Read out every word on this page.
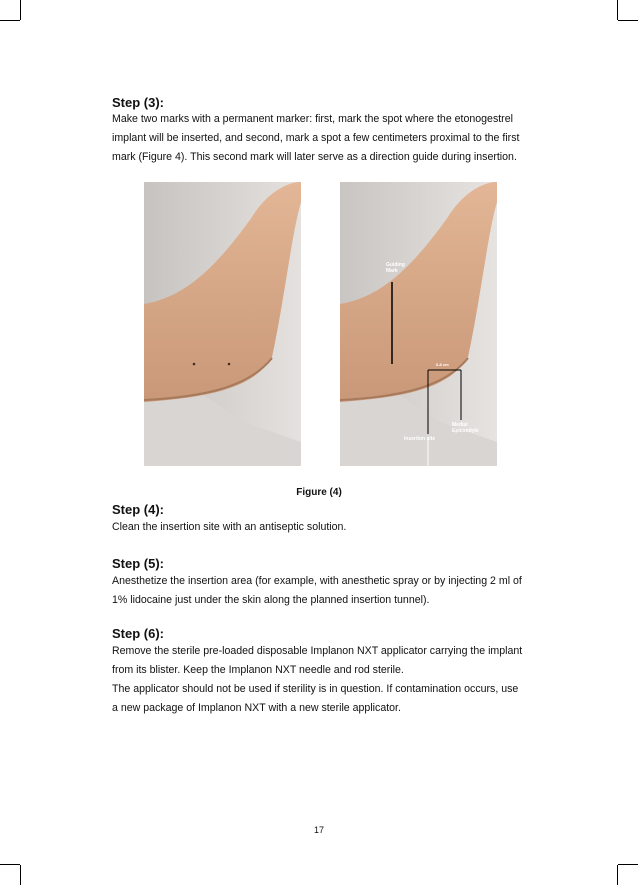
Step (3):
Make two marks with a permanent marker: first, mark the spot where the etonogestrel
implant will be inserted, and second, mark a spot a few centimeters proximal to the first
mark (Figure 4). This second mark will later serve as a direction guide during insertion.
Guiding
Mark
6-8 cm
Insertion site
Medial
Epicondyle
Figure (4)
Step (4):
Clean the insertion site with an antiseptic solution.
Step (5):
Anesthetize the insertion area (for example, with anesthetic spray or by injecting 2 ml of
1% lidocaine just under the skin along the planned insertion tunnel).
Step (6):
Remove the sterile pre-loaded disposable Implanon NXT applicator carrying the implant
from its blister. Keep the Implanon NXT needle and rod sterile.
The applicator should not be used if sterility is in question. If contamination occurs, use
a new package of Implanon NXT with a new sterile applicator.
17
